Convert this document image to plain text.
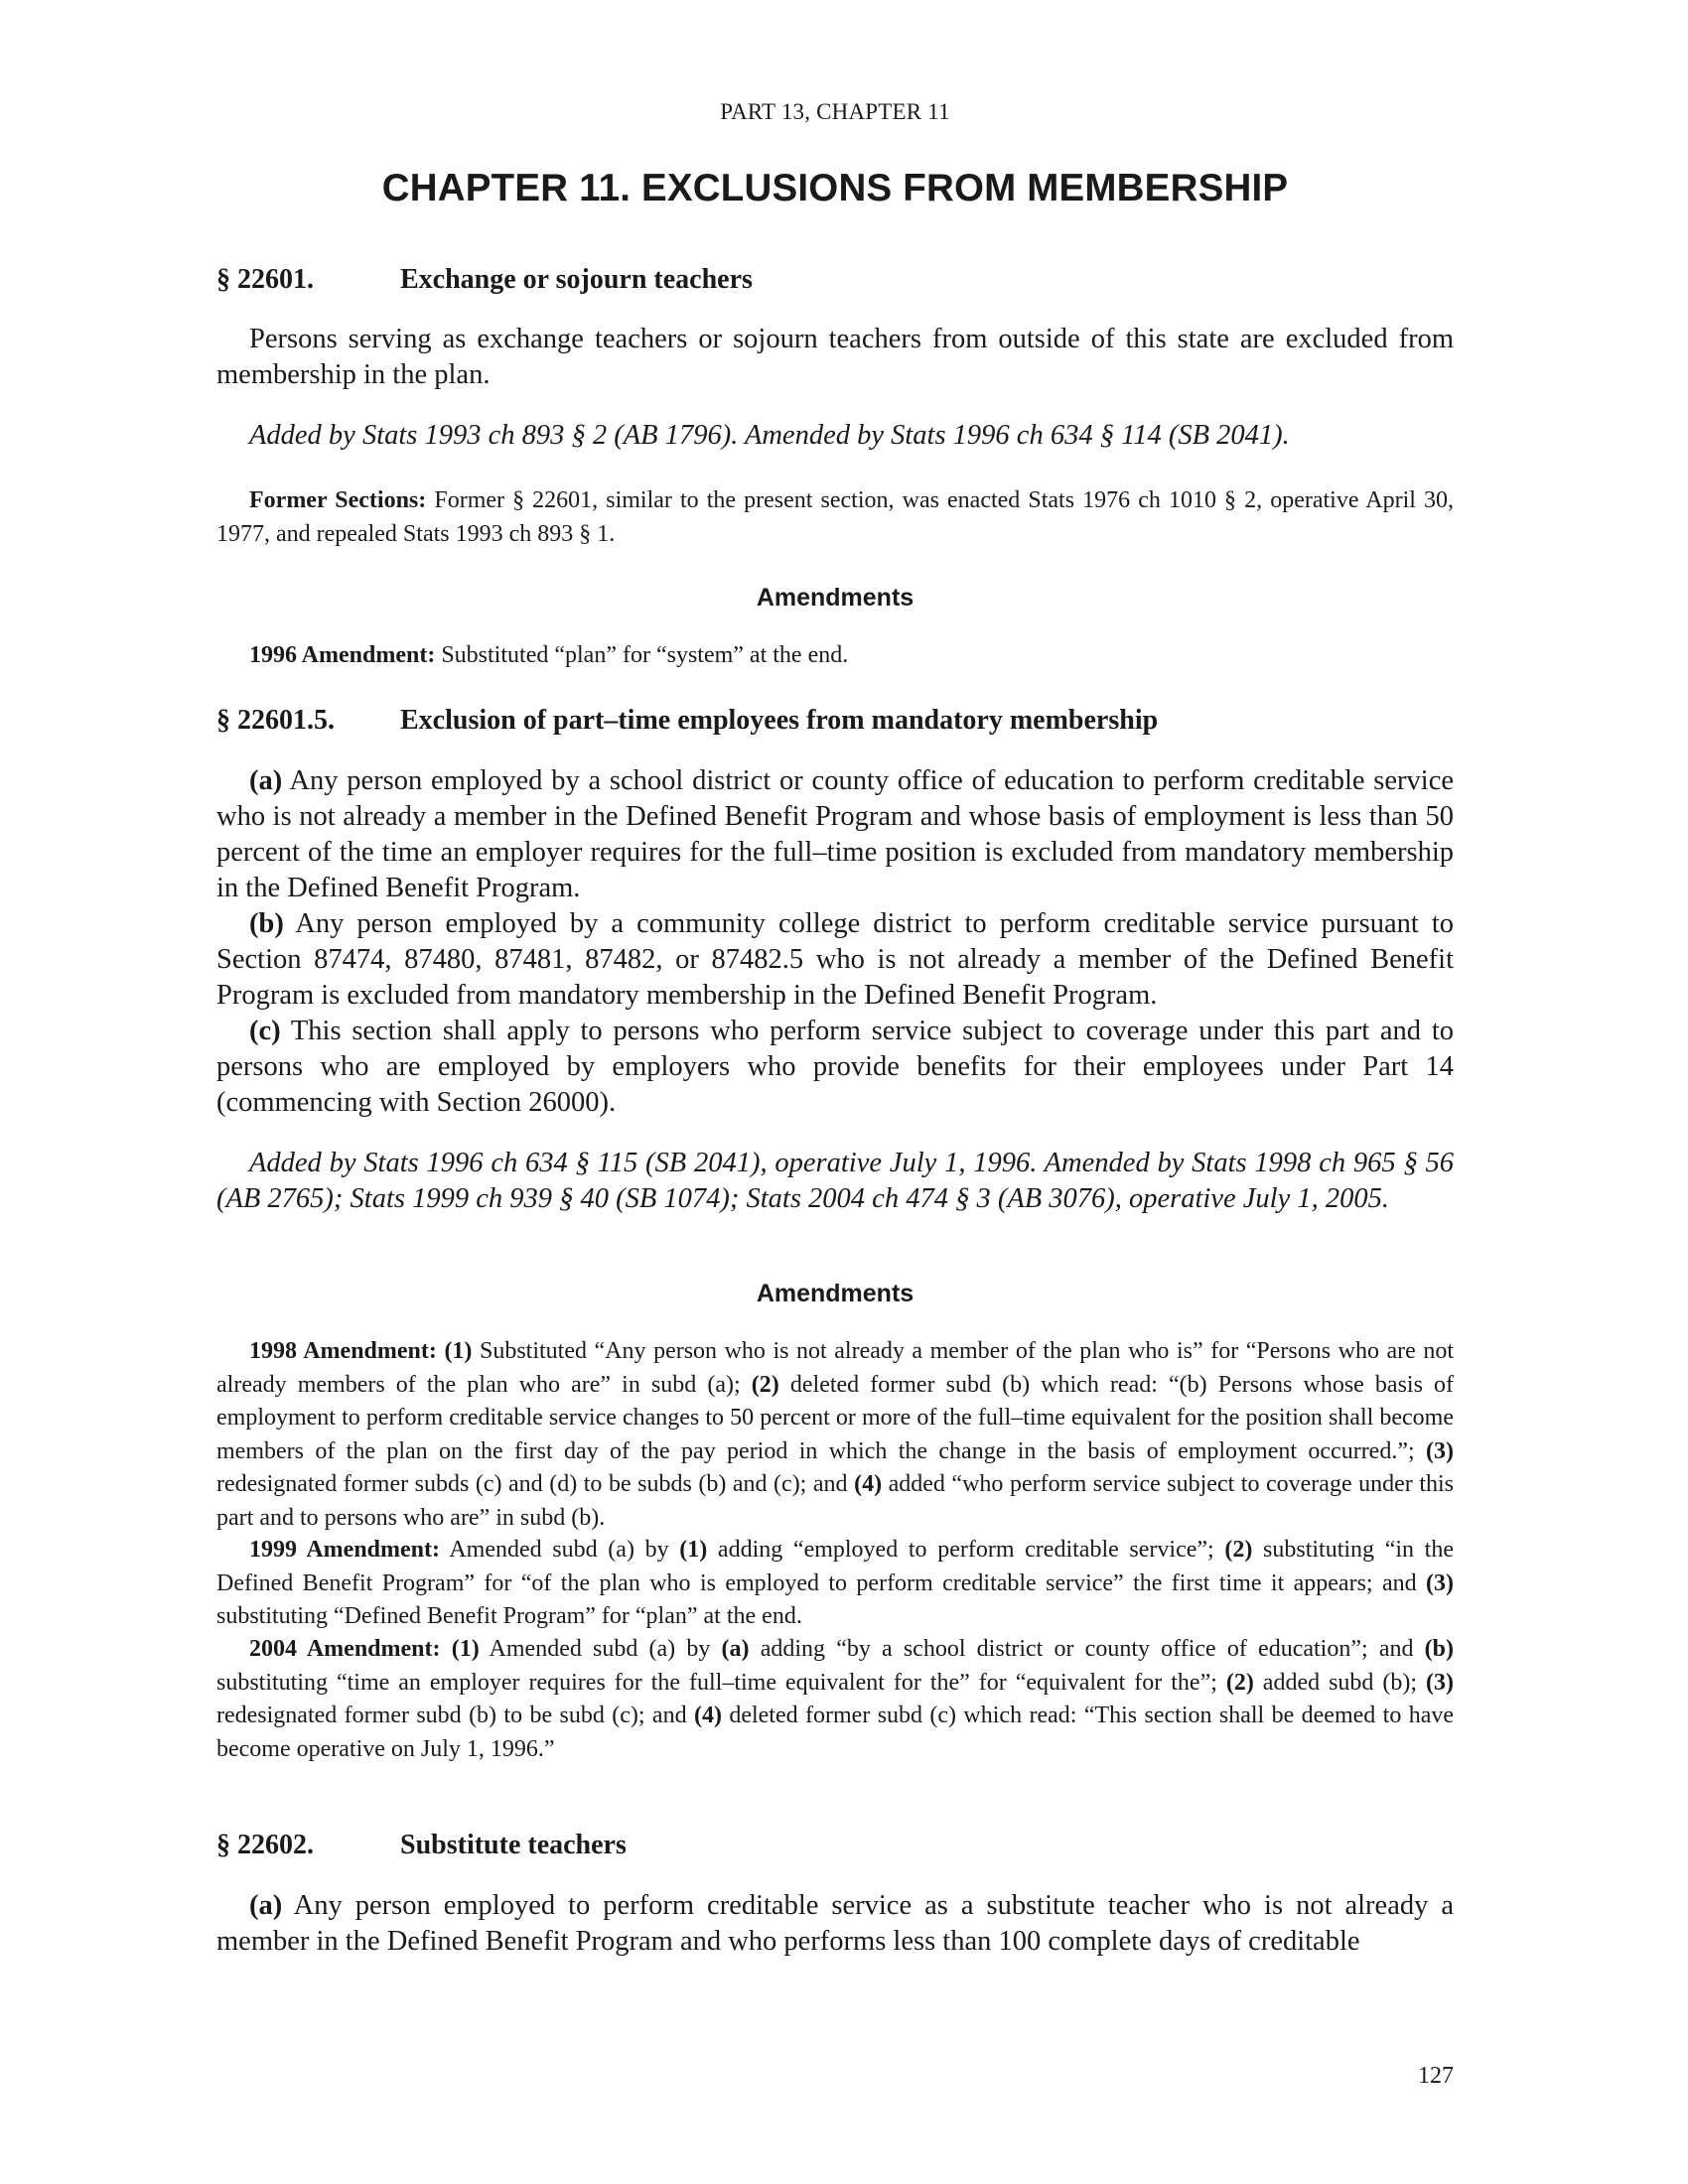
PART 13, CHAPTER 11
CHAPTER 11. EXCLUSIONS FROM MEMBERSHIP
§ 22601.	Exchange or sojourn teachers

Persons serving as exchange teachers or sojourn teachers from outside of this state are excluded from membership in the plan.

Added by Stats 1993 ch 893 § 2 (AB 1796). Amended by Stats 1996 ch 634 § 114 (SB 2041).

Former Sections: Former § 22601, similar to the present section, was enacted Stats 1976 ch 1010 § 2, operative April 30, 1977, and repealed Stats 1993 ch 893 § 1.

Amendments

1996 Amendment: Substituted “plan” for “system” at the end.

§ 22601.5. Exclusion of part–time employees from mandatory membership

(a) Any person employed by a school district or county office of education to perform creditable service who is not already a member in the Defined Benefit Program and whose basis of employment is less than 50 percent of the time an employer requires for the full–time position is excluded from mandatory membership in the Defined Benefit Program.

(b) Any person employed by a community college district to perform creditable service pursuant to Section 87474, 87480, 87481, 87482, or 87482.5 who is not already a member of the Defined Benefit Program is excluded from mandatory membership in the Defined Benefit Program.

(c) This section shall apply to persons who perform service subject to coverage under this part and to persons who are employed by employers who provide benefits for their employees under Part 14 (commencing with Section 26000).

Added by Stats 1996 ch 634 § 115 (SB 2041), operative July 1, 1996. Amended by Stats 1998 ch 965 § 56 (AB 2765); Stats 1999 ch 939 § 40 (SB 1074); Stats 2004 ch 474 § 3 (AB 3076), operative July 1, 2005.

Amendments

1998 Amendment: (1) Substituted “Any person who is not already a member of the plan who is” for “Persons who are not already members of the plan who are” in subd (a); (2) deleted former subd (b) which read: “(b) Persons whose basis of employment to perform creditable service changes to 50 percent or more of the full–time equivalent for the position shall become members of the plan on the first day of the pay period in which the change in the basis of employment occurred.”; (3) redesignated former subds (c) and (d) to be subds (b) and (c); and (4) added “who perform service subject to coverage under this part and to persons who are” in subd (b).

1999 Amendment: Amended subd (a) by (1) adding “employed to perform creditable service”; (2) substituting “in the Defined Benefit Program” for “of the plan who is employed to perform creditable service” the first time it appears; and (3) substituting “Defined Benefit Program” for “plan” at the end.

2004 Amendment: (1) Amended subd (a) by (a) adding “by a school district or county office of education”; and (b) substituting “time an employer requires for the full–time equivalent for the” for “equivalent for the”; (2) added subd (b); (3) redesignated former subd (b) to be subd (c); and (4) deleted former subd (c) which read: “This section shall be deemed to have become operative on July 1, 1996.”

§ 22602.	Substitute teachers

(a) Any person employed to perform creditable service as a substitute teacher who is not already a member in the Defined Benefit Program and who performs less than 100 complete days of creditable

127
